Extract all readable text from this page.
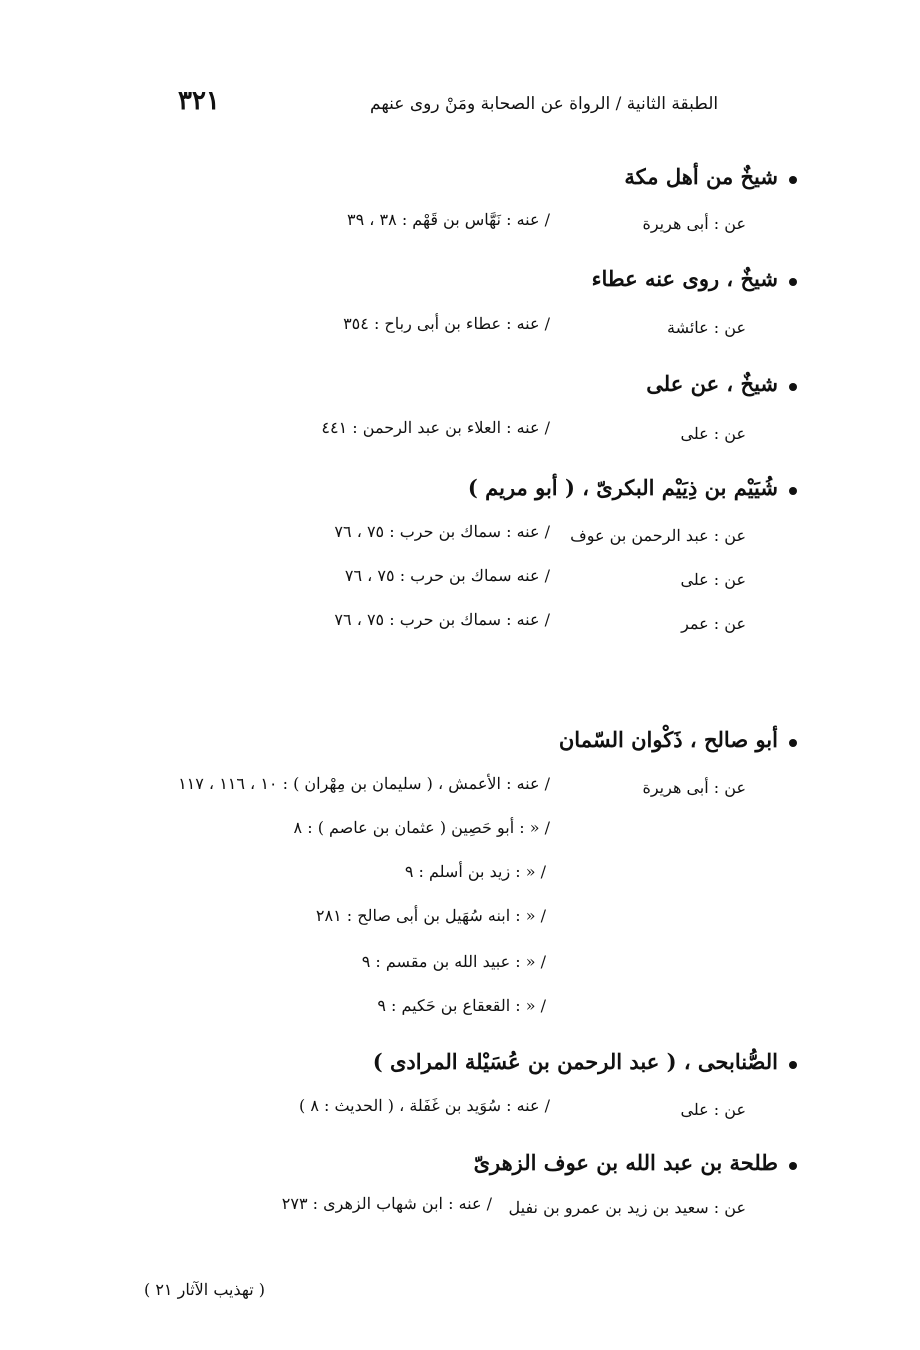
٣٢١	الطبقة الثانية / الرواة عن الصحابة ومَنْ روى عنهم
شيخٌ من أهل مكة
عن : أبى هريرة
/ عنه : نَهَّاس بن قَهْم : ٣٨ ، ٣٩
شيخٌ ، روى عنه عطاء
عن : عائشة
/ عنه : عطاء بن أبى رباح : ٣٥٤
شيخٌ ، عن على
عن : على
/ عنه : العلاء بن عبد الرحمن : ٤٤١
شُيَيْم بن ذِيَيْم البكرىّ ، ( أبو مريم )
عن : عبد الرحمن بن عوف
/ عنه : سماك بن حرب : ٧٥ ، ٧٦
عن : على
/ عنه سماك بن حرب : ٧٥ ، ٧٦
عن : عمر
/ عنه : سماك بن حرب : ٧٥ ، ٧٦
أبو صالح ، ذَكْوان السّمان
عن : أبى هريرة
/ عنه : الأعمش ، ( سليمان بن مِهْران ) : ١٠ ، ١١٦ ، ١١٧
/ « : أبو حَصِين ( عثمان بن عاصم ) : ٨
/ « : زيد بن أسلم : ٩
/ « : ابنه سُهَيل بن أبى صالح : ٢٨١
/ « : عبيد الله بن مقسم : ٩
/ « : القعقاع بن حَكيم : ٩
الصُّنابحى ، ( عبد الرحمن بن عُسَيْلة المرادى )
عن : على
/ عنه : سُوَيد بن غَفَلة ، ( الحديث : ٨ )
طلحة بن عبد الله بن عوف الزهرىّ
عن : سعيد بن زيد بن عمرو بن نفيل
/ عنه : ابن شهاب الزهرى : ٢٧٣
( تهذيب الآثار ٢١ )
